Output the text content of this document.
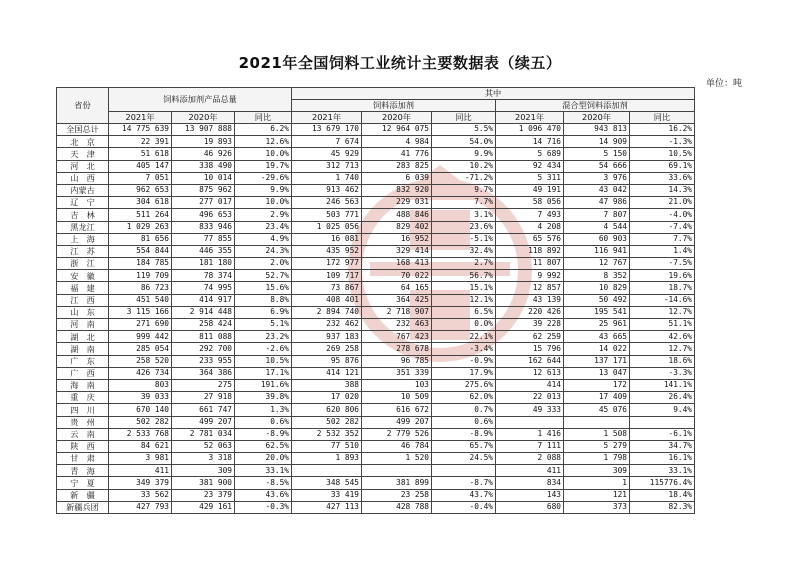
2021年全国饲料工业统计主要数据表（续五）
单位：吨
省份	饲料添加剂产品总量			其中					
				饲料添加剂			混合型饲料添加剂		
	2021年	2020年	同比	2021年	2020年	同比	2021年	2020年	同比
全国总计	14 775 639	13 907 888	6.2%	13 679 170	12 964 075	5.5%	1 096 470	943 813	16.2%
北　京	22 391	19 893	12.6%	7 674	4 984	54.0%	14 716	14 909	-1.3%
天　津	51 618	46 926	10.0%	45 929	41 776	9.9%	5 689	5 150	10.5%
河　北	405 147	338 490	19.7%	312 713	283 825	10.2%	92 434	54 666	69.1%
山　西	7 051	10 014	-29.6%	1 740	6 039	-71.2%	5 311	3 976	33.6%
内蒙古	962 653	875 962	9.9%	913 462	832 920	9.7%	49 191	43 042	14.3%
辽　宁	304 618	277 017	10.0%	246 563	229 031	7.7%	58 056	47 986	21.0%
吉　林	511 264	496 653	2.9%	503 771	488 846	3.1%	7 493	7 807	-4.0%
黑龙江	1 029 263	833 946	23.4%	1 025 056	829 402	23.6%	4 208	4 544	-7.4%
上　海	81 656	77 855	4.9%	16 081	16 952	-5.1%	65 576	60 903	7.7%
江　苏	554 844	446 355	24.3%	435 952	329 414	32.4%	118 892	116 941	1.4%
浙　江	184 785	181 180	2.0%	172 977	168 413	2.7%	11 807	12 767	-7.5%
安　徽	119 709	78 374	52.7%	109 717	70 022	56.7%	9 992	8 352	19.6%
福　建	86 723	74 995	15.6%	73 867	64 165	15.1%	12 857	10 829	18.7%
江　西	451 540	414 917	8.8%	408 401	364 425	12.1%	43 139	50 492	-14.6%
山　东	3 115 166	2 914 448	6.9%	2 894 740	2 718 907	6.5%	220 426	195 541	12.7%
河　南	271 690	258 424	5.1%	232 462	232 463	0.0%	39 228	25 961	51.1%
湖　北	999 442	811 088	23.2%	937 183	767 423	22.1%	62 259	43 665	42.6%
湖　南	285 054	292 700	-2.6%	269 258	278 678	-3.4%	15 796	14 022	12.7%
广　东	258 520	233 955	10.5%	95 876	96 785	-0.9%	162 644	137 171	18.6%
广　西	426 734	364 386	17.1%	414 121	351 339	17.9%	12 613	13 047	-3.3%
海　南	803	275	191.6%	388	103	275.6%	414	172	141.1%
重　庆	39 033	27 918	39.8%	17 020	10 509	62.0%	22 013	17 409	26.4%
四　川	670 140	661 747	1.3%	620 806	616 672	0.7%	49 333	45 076	9.4%
贵　州	502 282	499 207	0.6%	502 282	499 207	0.6%			
云　南	2 533 768	2 781 034	-8.9%	2 532 352	2 779 526	-8.9%	1 416	1 508	-6.1%
陕　西	84 621	52 063	62.5%	77 510	46 784	65.7%	7 111	5 279	34.7%
甘　肃	3 981	3 318	20.0%	1 893	1 520	24.5%	2 088	1 798	16.1%
青　海	411	309	33.1%				411	309	33.1%
宁　夏	349 379	381 900	-8.5%	348 545	381 899	-8.7%	834	1	115776.4%
新　疆	33 562	23 379	43.6%	33 419	23 258	43.7%	143	121	18.4%
新疆兵团	427 793	429 161	-0.3%	427 113	428 788	-0.4%	680	373	82.3%
